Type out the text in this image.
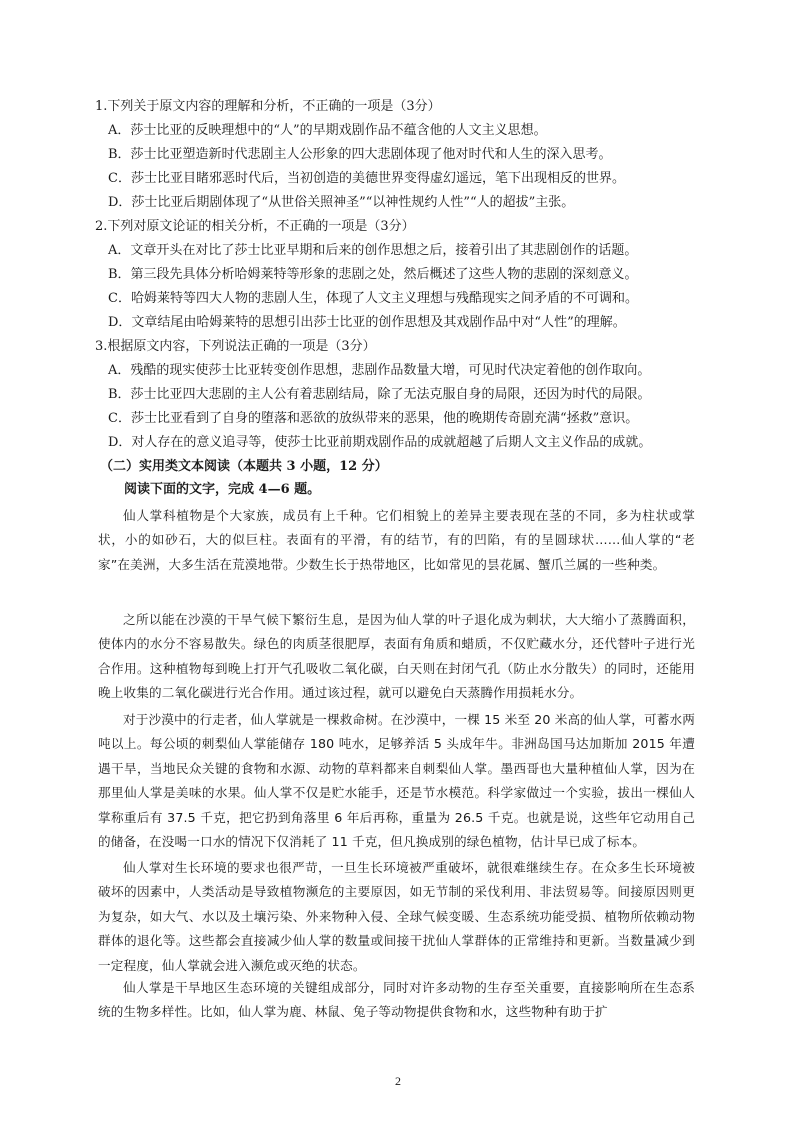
1.下列关于原文内容的理解和分析，不正确的一项是（3分）
A．莎士比亚的反映理想中的“人”的早期戏剧作品不蕴含他的人文主义思想。
B．莎士比亚塑造新时代悲剧主人公形象的四大悲剧体现了他对时代和人生的深入思考。
C．莎士比亚目睹邪恶时代后，当初创造的美德世界变得虚幻遥远，笔下出现相反的世界。
D．莎士比亚后期剧体现了“从世俗关照神圣”“以神性规约人性”“人的超拔”主张。
2.下列对原文论证的相关分析，不正确的一项是（3分）
A．文章开头在对比了莎士比亚早期和后来的创作思想之后，接着引出了其悲剧创作的话题。
B．第三段先具体分析哈姆莱特等形象的悲剧之处，然后概述了这些人物的悲剧的深刻意义。
C．哈姆莱特等四大人物的悲剧人生，体现了人文主义理想与残酷现实之间矛盾的不可调和。
D．文章结尾由哈姆莱特的思想引出莎士比亚的创作思想及其戏剧作品中对“人性”的理解。
3.根据原文内容，下列说法正确的一项是（3分）
A．残酷的现实使莎士比亚转变创作思想，悲剧作品数量大增，可见时代决定着他的创作取向。
B．莎士比亚四大悲剧的主人公有着悲剧结局，除了无法克服自身的局限，还因为时代的局限。
C．莎士比亚看到了自身的堕落和恶欲的放纵带来的恶果，他的晚期传奇剧充满“拯救”意识。
D．对人存在的意义追寻等，使莎士比亚前期戏剧作品的成就超越了后期人文主义作品的成就。
（二）实用类文本阅读（本题共 3 小题，12 分）
阅读下面的文字，完成 4—6 题。

仙人掌科植物是个大家族，成员有上千种。它们相貌上的差异主要表现在茎的不同，多为柱状或掌状，小的如砂石，大的似巨柱。表面有的平滑，有的结节，有的凹陷，有的呈圆球状……仙人掌的“老家”在美洲，大多生活在荒漠地带。少数生长于热带地区，比如常见的昙花属、蟹爪兰属的一些种类。

之所以能在沙漠的干旱气候下繁衍生息，是因为仙人掌的叶子退化成为刺状，大大缩小了蒸腾面积，使体内的水分不容易散失。绿色的肉质茎很肥厚，表面有角质和蜡质，不仅贮藏水分，还代替叶子进行光合作用。这种植物每到晚上打开气孔吸收二氧化碳，白天则在封闭气孔（防止水分散失）的同时，还能用晚上收集的二氧化碳进行光合作用。通过该过程，就可以避免白天蒸腾作用损耗水分。

对于沙漠中的行走者，仙人掌就是一棵救命树。在沙漠中，一棵 15 米至 20 米高的仙人掌，可蓄水两吨以上。每公顷的刺梨仙人掌能储存 180 吨水，足够养活 5 头成年牛。非洲岛国马达加斯加 2015 年遭遇干旱，当地民众关键的食物和水源、动物的草料都来自刺梨仙人掌。墨西哥也大量种植仙人掌，因为在那里仙人掌是美味的水果。仙人掌不仅是贮水能手，还是节水模范。科学家做过一个实验，拔出一棵仙人掌称重后有 37.5 千克，把它扔到角落里 6 年后再称，重量为 26.5 千克。也就是说，这些年它动用自己的储备，在没喝一口水的情况下仅消耗了 11 千克，但凡换成别的绿色植物，估计早已成了标本。

仙人掌对生长环境的要求也很严苛，一旦生长环境被严重破坏，就很难继续生存。在众多生长环境被破坏的因素中，人类活动是导致植物濒危的主要原因，如无节制的采伐利用、非法贸易等。间接原因则更为复杂，如大气、水以及土壤污染、外来物种入侵、全球气候变暖、生态系统功能受损、植物所依赖动物群体的退化等。这些都会直接减少仙人掌的数量或间接干扰仙人掌群体的正常维持和更新。当数量减少到一定程度，仙人掌就会进入濒危或灭绝的状态。

仙人掌是干旱地区生态环境的关键组成部分，同时对许多动物的生存至关重要，直接影响所在生态系统的生物多样性。比如，仙人掌为鹿、林鼠、兔子等动物提供食物和水，这些物种有助于扩

2
